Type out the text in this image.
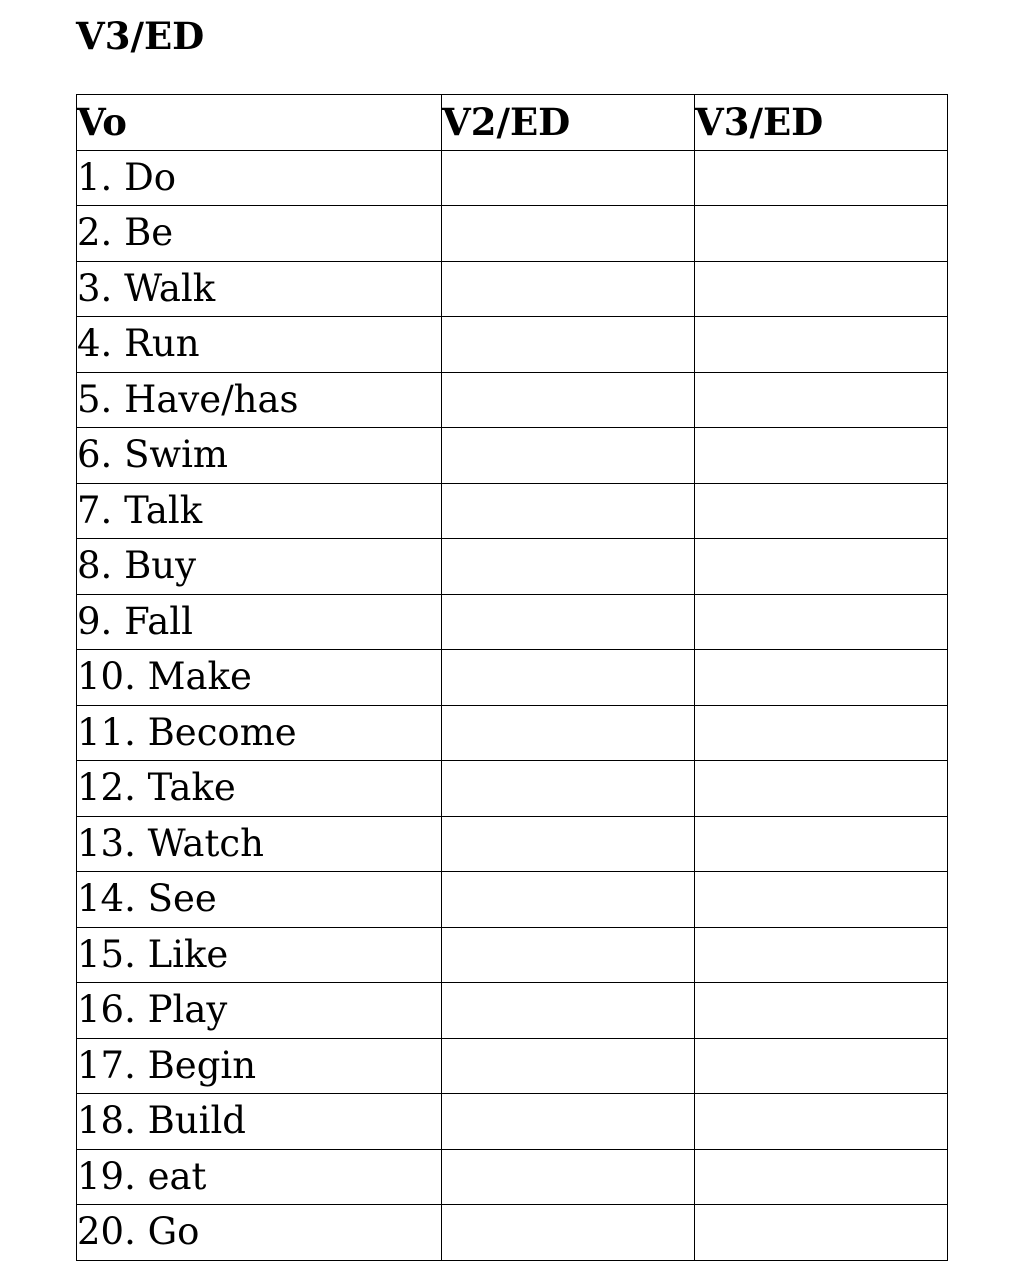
V3/ED
Vo	V2/ED	V3/ED
1. Do		
2. Be		
3. Walk		
4. Run		
5. Have/has		
6. Swim		
7. Talk		
8. Buy		
9. Fall		
10. Make		
11. Become		
12. Take		
13. Watch		
14. See		
15. Like		
16. Play		
17. Begin		
18. Build		
19. eat		
20. Go		
